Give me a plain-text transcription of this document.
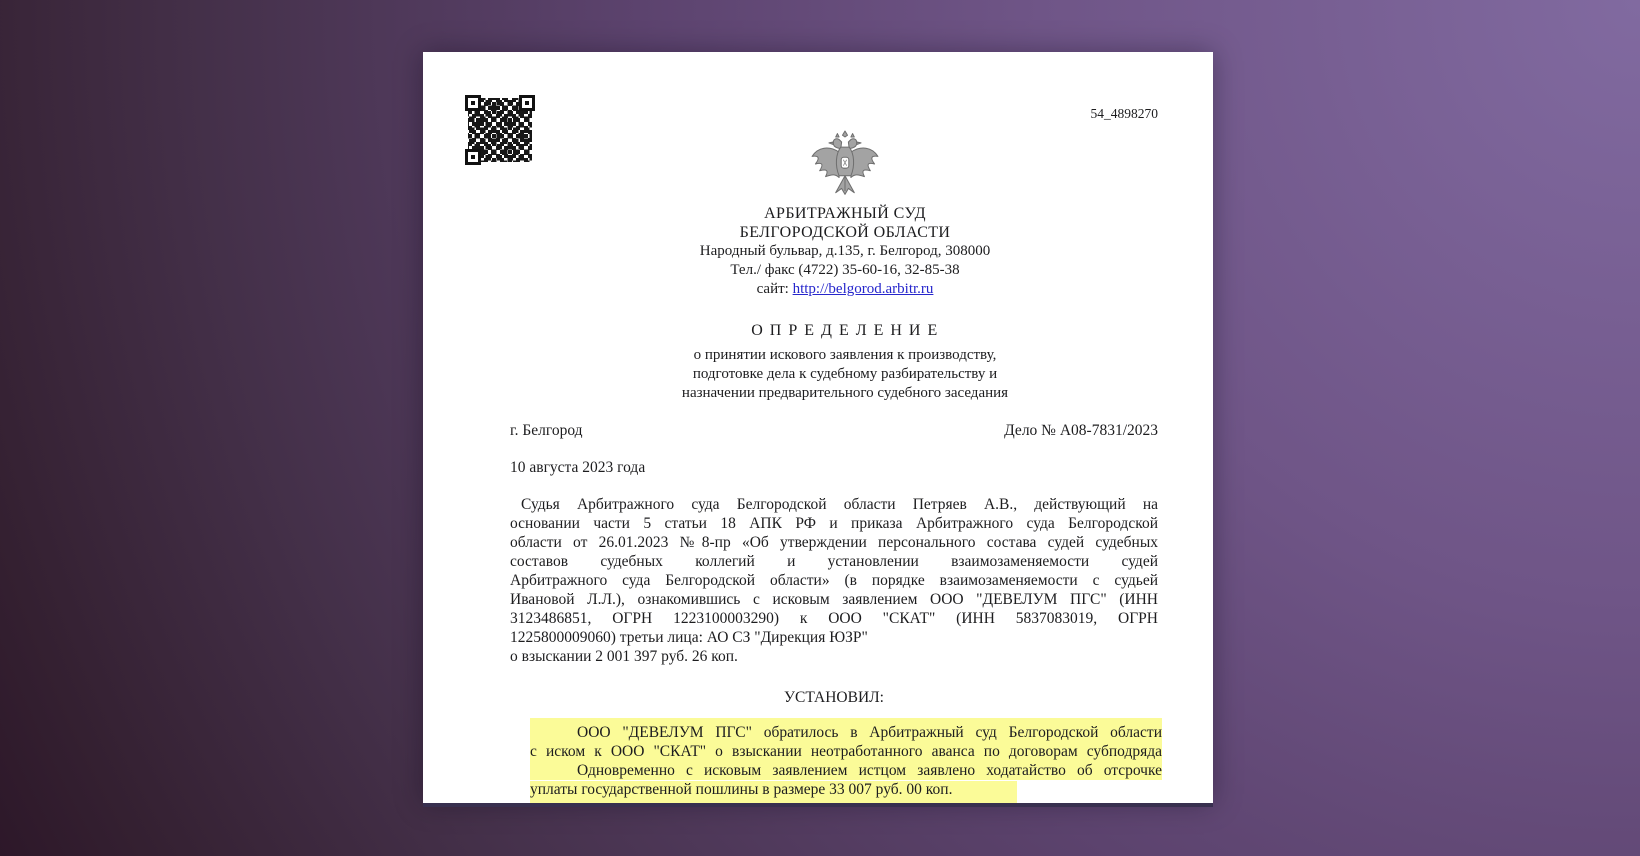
54_4898270
АРБИТРАЖНЫЙ СУД
БЕЛГОРОДСКОЙ ОБЛАСТИ
Народный бульвар, д.135, г. Белгород, 308000
Тел./ факс (4722) 35-60-16, 32-85-38
сайт: http://belgorod.arbitr.ru
О П Р Е Д Е Л Е Н И Е
о принятии искового заявления к производству,
подготовке дела к судебному разбирательству и
назначении предварительного судебного заседания
г. Белгород	Дело № А08-7831/2023
10 августа 2023 года
Судья Арбитражного суда Белгородской области Петряев А.В., действующий на
основании части 5 статьи 18 АПК РФ и приказа Арбитражного суда Белгородской
области от 26.01.2023 №8-пр «Об утверждении персонального состава судей судебных
составов судебных коллегий и установлении взаимозаменяемости судей
Арбитражного суда Белгородской области» (в порядке взаимозаменяемости с судьей
Ивановой Л.Л.), ознакомившись с исковым заявлением ООО "ДЕВЕЛУМ ПГС" (ИНН
3123486851, ОГРН 1223100003290) к ООО "СКАТ" (ИНН 5837083019, ОГРН
1225800009060) третьи лица: АО СЗ "Дирекция ЮЗР"
о взыскании 2 001 397 руб. 26 коп.
УСТАНОВИЛ:
ООО "ДЕВЕЛУМ ПГС" обратилось в Арбитражный суд Белгородской области
с иском к ООО "СКАТ" о взыскании неотработанного аванса по договорам субподряда
Одновременно с исковым заявлением истцом заявлено ходатайство об отсрочке
уплаты государственной пошлины в размере 33 007 руб. 00 коп.
